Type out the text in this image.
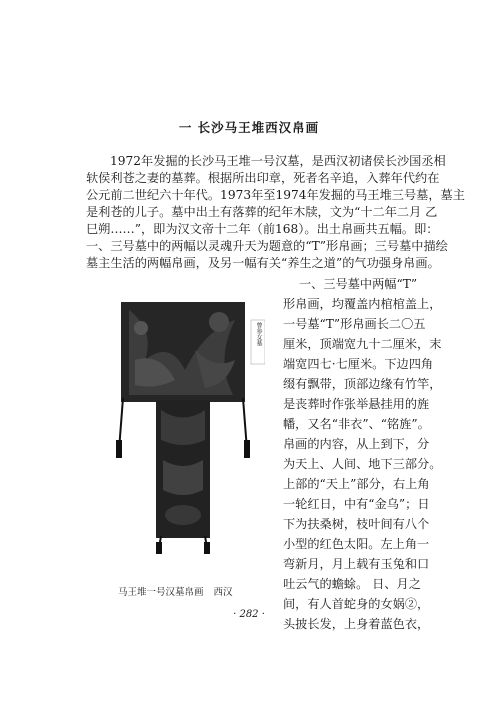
一 长沙马王堆西汉帛画
1972年发掘的长沙马王堆一号汉墓，是西汉初诸侯长沙国丞相
轪侯利苍之妻的墓葬。根据所出印章，死者名辛追，入葬年代约在
公元前二世纪六十年代。1973年至1974年发掘的马王堆三号墓，墓主
是利苍的儿子。墓中出土有落葬的纪年木牍，文为“十二年二月 乙
巳朔……”，即为汉文帝十二年（前168）。出土帛画共五幅。即：
一、三号墓中的两幅以灵魂升天为题意的“T”形帛画；三号墓中描绘
墓主生活的两幅帛画，及另一幅有关“养生之道”的气功强身帛画。
一、三号墓中两幅“T”
形帛画，均覆盖内棺棺盖上，
一号墓“T”形帛画长二〇五
厘米，顶端宽九十二厘米，末
端宽四七·七厘米。下边四角
缀有飘带，顶部边缘有竹竿，
是丧葬时作张举悬挂用的旌
幡，又名“非衣”、“铭旌”。
帛画的内容，从上到下，分
为天上、人间、地下三部分。
上部的“天上”部分，右上角
一轮红日，中有“金乌”；日
下为扶桑树，枝叶间有八个
小型的红色太阳。左上角一
弯新月，月上载有玉兔和口
吐云气的蟾蜍。 日、月之
间，有人首蛇身的女娲②，
头披长发，上身着蓝色衣，
曾参女墓
马王堆一号汉墓帛画 西汉
· 282 ·
